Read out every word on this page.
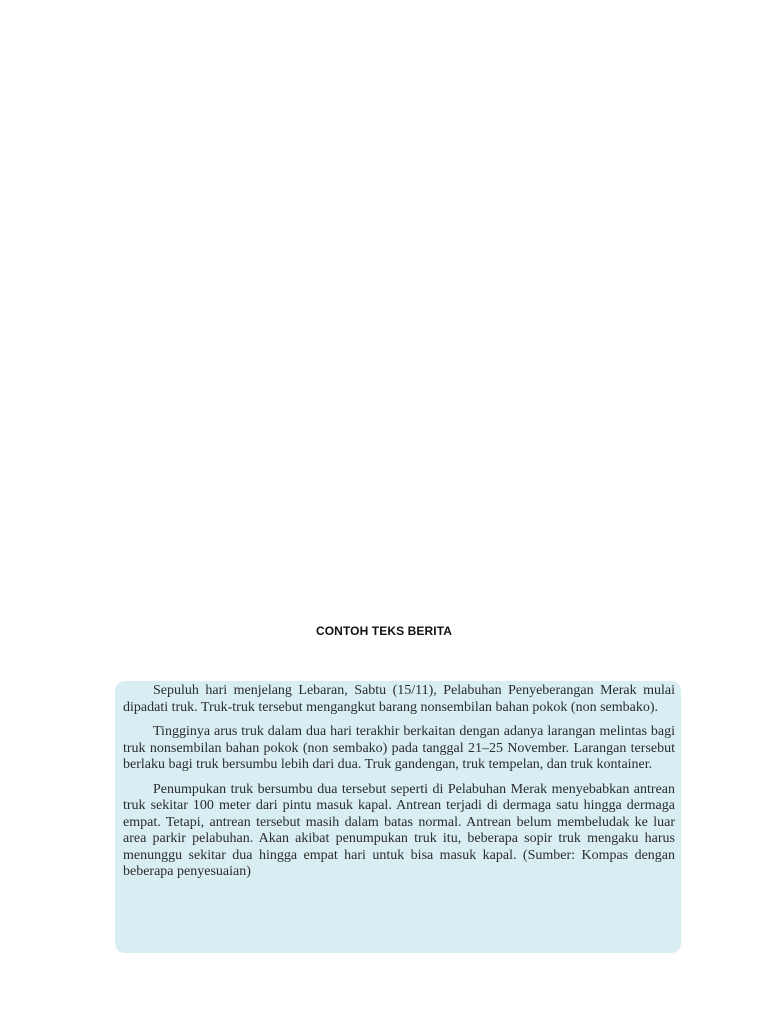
CONTOH TEKS BERITA

Sepuluh hari menjelang Lebaran, Sabtu (15/11), Pelabuhan Penyeberangan Merak mulai dipadati truk. Truk-truk tersebut mengangkut barang nonsembilan bahan pokok (non sembako).

Tingginya arus truk dalam dua hari terakhir berkaitan dengan adanya larangan melintas bagi truk nonsembilan bahan pokok (non sembako) pada tanggal 21–25 November. Larangan tersebut berlaku bagi truk bersumbu lebih dari dua. Truk gandengan, truk tempelan, dan truk kontainer.

Penumpukan truk bersumbu dua tersebut seperti di Pelabuhan Merak menyebabkan antrean truk sekitar 100 meter dari pintu masuk kapal. Antrean terjadi di dermaga satu hingga dermaga empat. Tetapi, antrean tersebut masih dalam batas normal. Antrean belum membeludak ke luar area parkir pelabuhan. Akan akibat penumpukan truk itu, beberapa sopir truk mengaku harus menunggu sekitar dua hingga empat hari untuk bisa masuk kapal. (Sumber: Kompas dengan beberapa penyesuaian)
